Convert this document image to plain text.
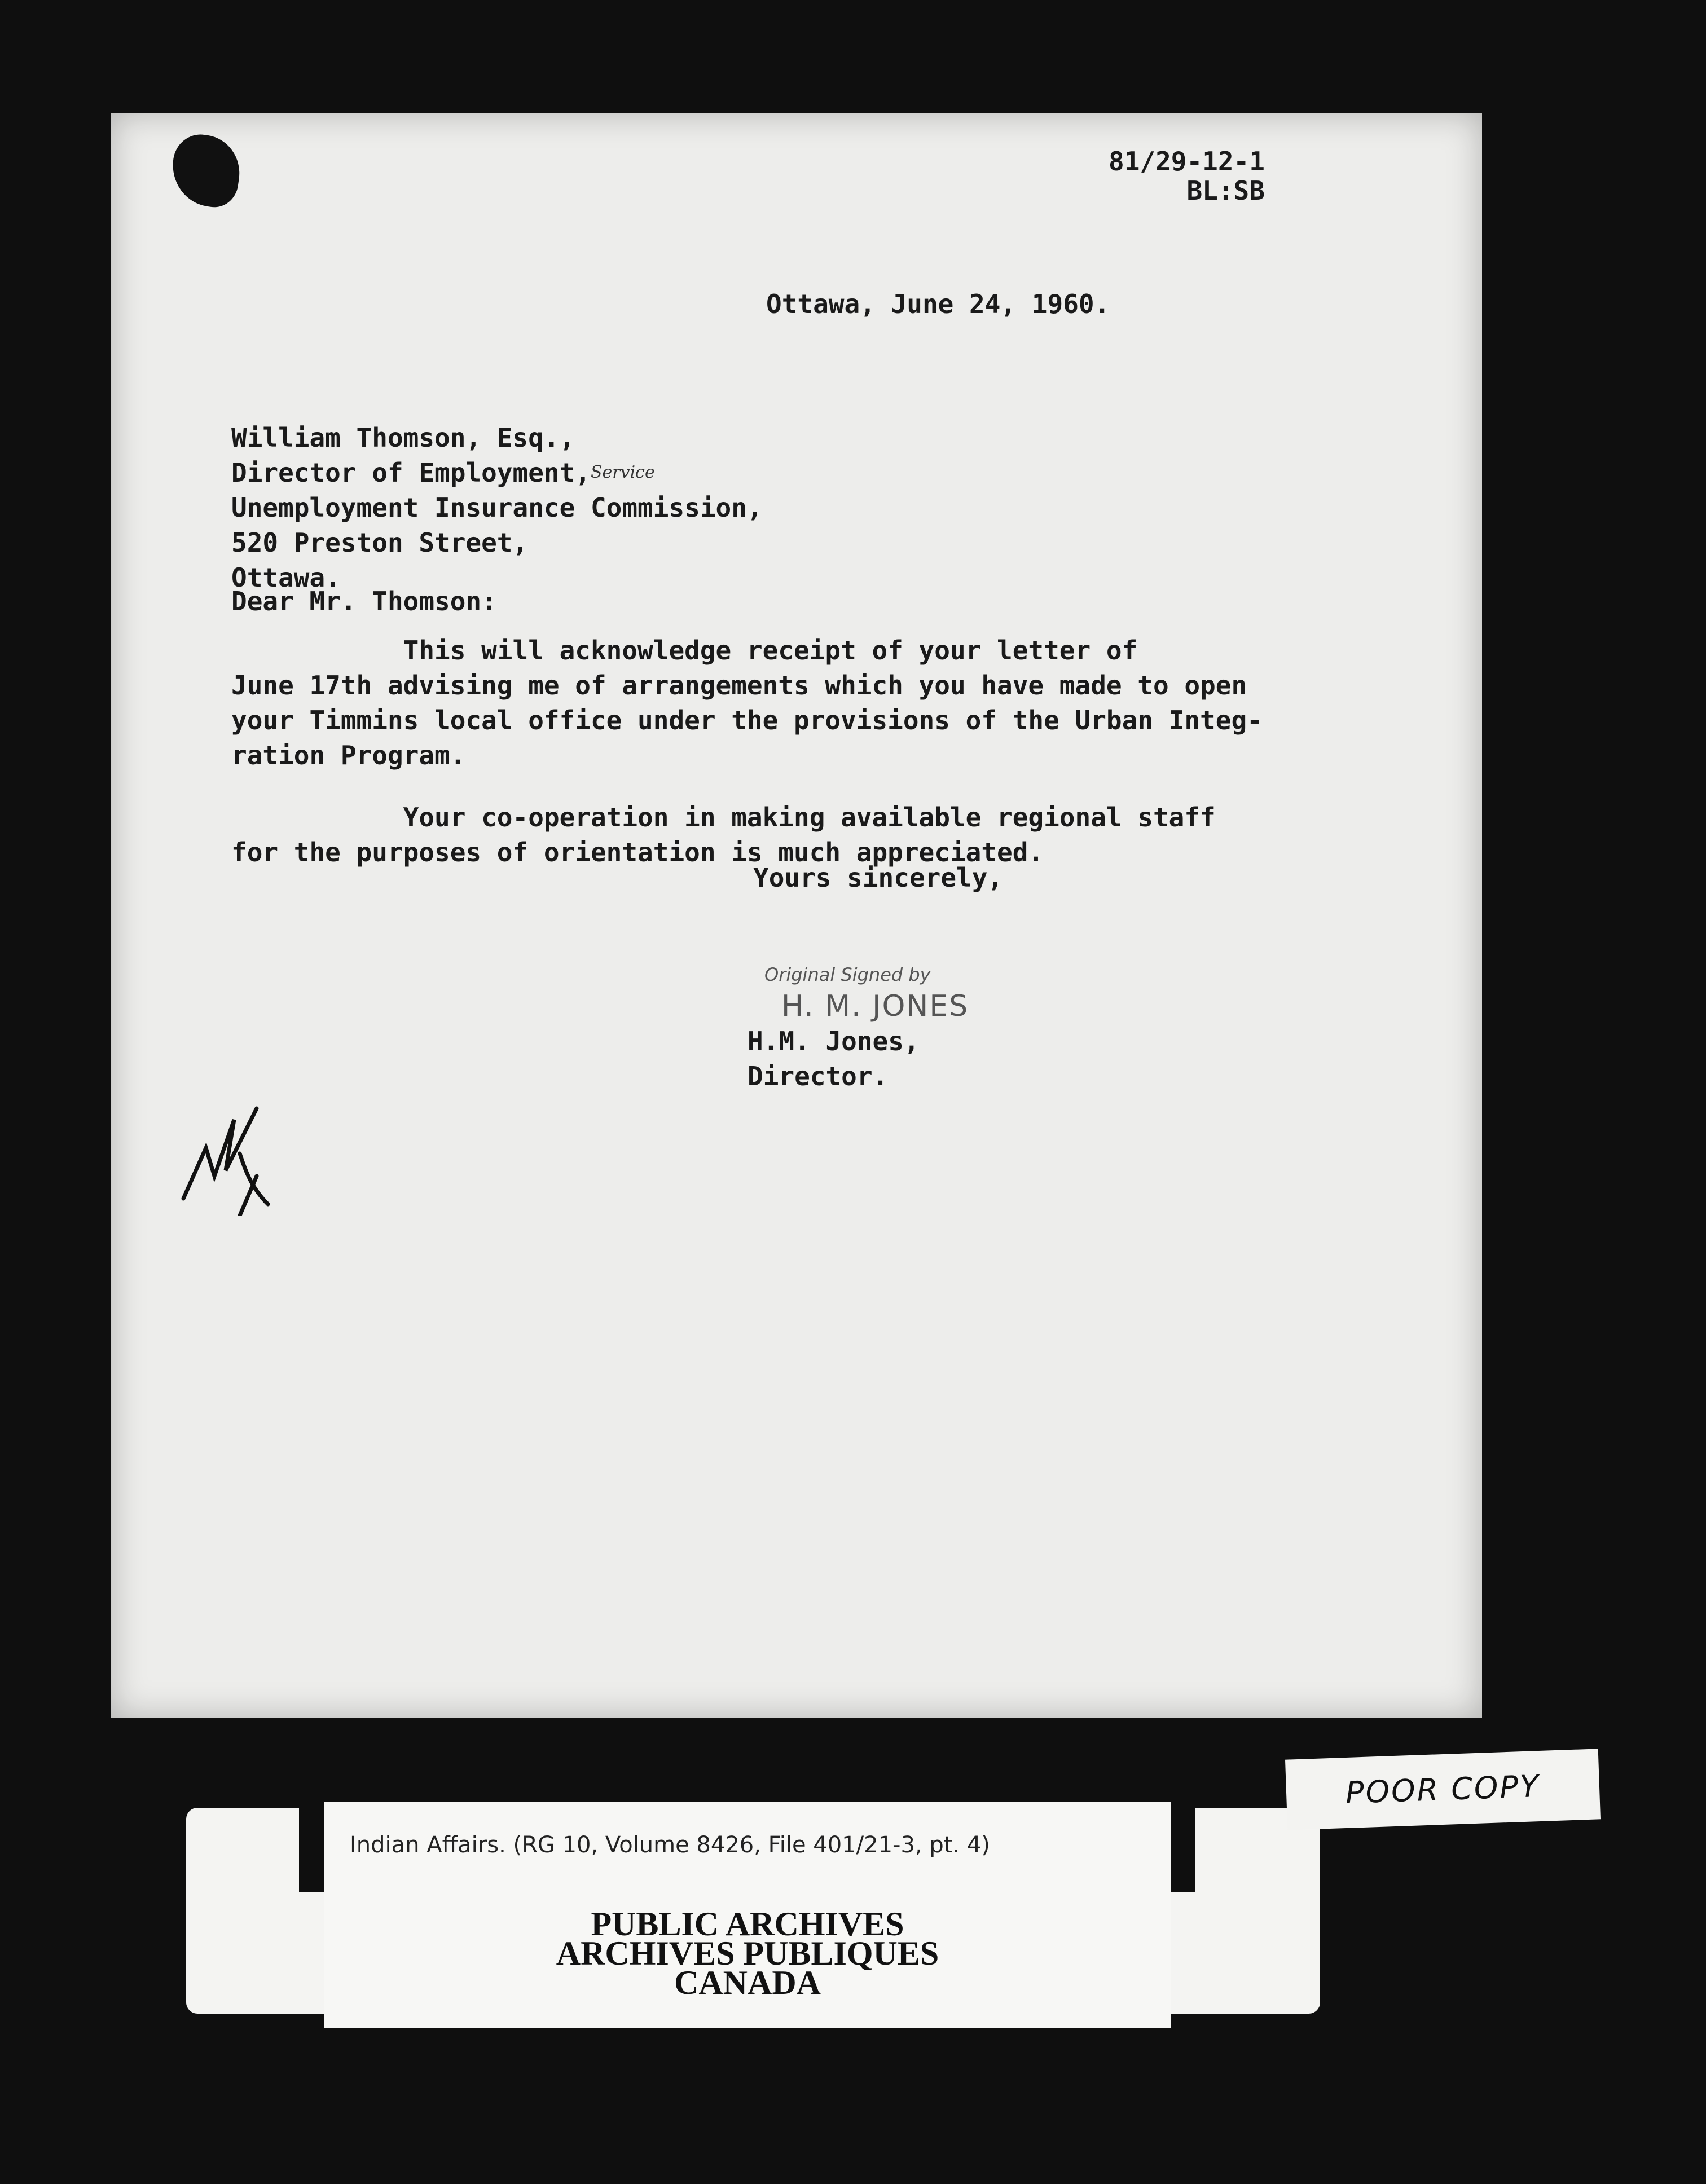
81/29-12-1
BL:SB
Ottawa, June 24, 1960.
William Thomson, Esq.,
Director of Employment,$^{Service}$
Unemployment Insurance Commission,
520 Preston Street,
Ottawa.
Dear Mr. Thomson:

This will acknowledge receipt of your letter of
June 17th advising me of arrangements which you have made to open
your Timmins local office under the provisions of the Urban Integ-
ration Program.

Your co-operation in making available regional staff
for the purposes of orientation is much appreciated.

Yours sincerely,
Original Signed by
H. M. JONES
H.M. Jones,
Director.
Indian Affairs. (RG 10, Volume 8426, File 401/21-3, pt. 4)
PUBLIC ARCHIVES
ARCHIVES PUBLIQUES
CANADA
POOR COPY
